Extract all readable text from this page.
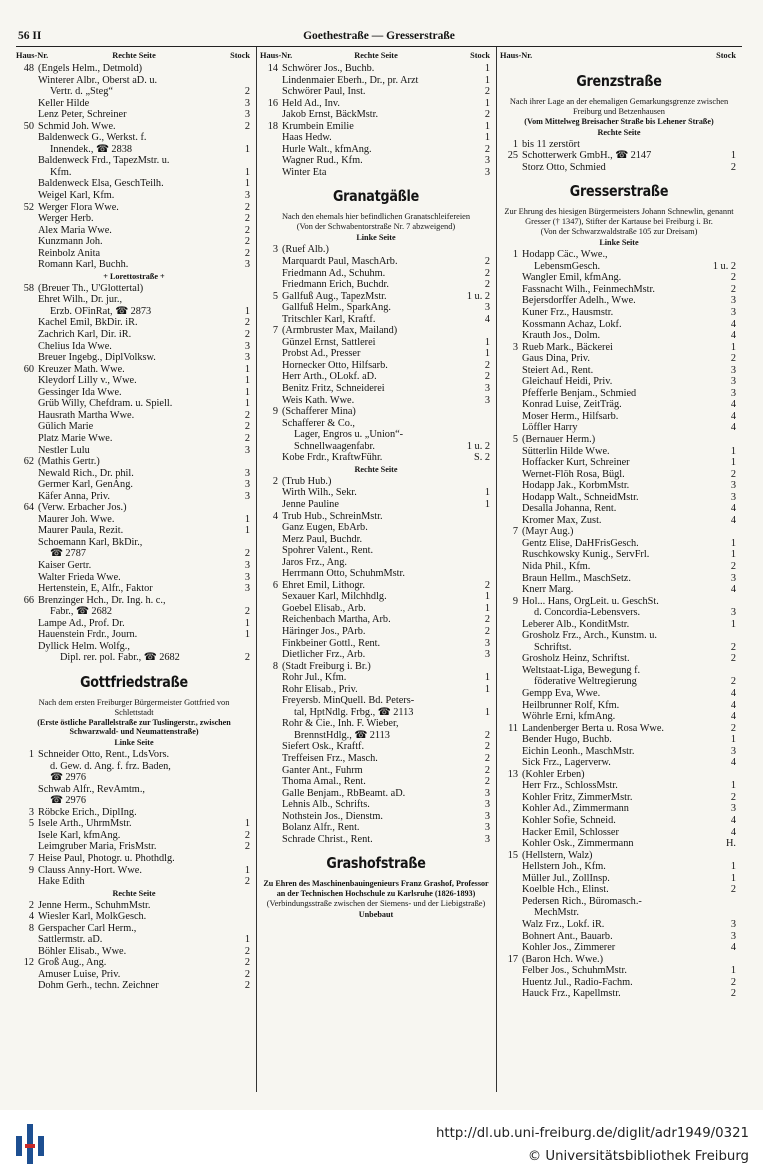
56 II	Goethestraße — Gresserstraße
Haus-Nr.	Rechte Seite	Stock
48 (Engels Helm., Detmold)
Winterer Albr., Oberst aD. u.
Vertr. d. „Steg“	2
Keller Hilde	3
Lenz Peter, Schreiner	3
50 Schmid Joh. Wwe.	2
Baldenweck G., Werkst. f.
Innendek., ☎ 2838	1
Baldenweck Frd., TapezMstr. u.
Kfm.	1
Baldenweck Elsa, GeschTeilh.	1
Weigel Karl, Kfm.	3
52 Werger Flora Wwe.	2
Werger Herb.	2
Alex Maria Wwe.	2
Kunzmann Joh.	2
Reinbolz Anita	2
Romann Karl, Buchh.	3
+ Lorettostraße +
58 (Breuer Th., U'Glottertal)
Ehret Wilh., Dr. jur.,
Erzb. OFinRat, ☎ 2873	1
Kachel Emil, BkDir. iR.	2
Zachrich Karl, Dir. iR.	2
Chelius Ida Wwe.	3
Breuer Ingebg., DiplVolksw.	3
60 Kreuzer Math. Wwe.	1
Kleydorf Lilly v., Wwe.	1
Gessinger Ida Wwe.	1
Grüb Willy, Chefdram. u. Spiell.	1
Hausrath Martha Wwe.	2
Gülich Marie	2
Platz Marie Wwe.	2
Nestler Lulu	3
62 (Mathis Gertr.)
Newald Rich., Dr. phil.	3
Germer Karl, GenAng.	3
Käfer Anna, Priv.	3
64 (Verw. Erbacher Jos.)
Maurer Joh. Wwe.	1
Maurer Paula, Rezit.	1
Schoemann Karl, BkDir.,
☎ 2787	2
Kaiser Gertr.	3
Walter Frieda Wwe.	3
Hertenstein, E, Alfr., Faktor	3
66 Brenzinger Hch., Dr. Ing. h. c.,
Fabr., ☎ 2682	2
Lampe Ad., Prof. Dr.	1
Hauenstein Frdr., Journ.	1
Dyllick Helm. Wolfg.,
Dipl. rer. pol. Fabr., ☎ 2682	2
Gottfriedstraße
Nach dem ersten Freiburger Bürgermeister Gottfried von Schlettstadt
(Erste östliche Parallelstraße zur Tuslingerstr., zwischen Schwarzwald- und Neumattenstraße)
Linke Seite
1 Schneider Otto, Rent., LdsVors.
d. Gew. d. Ang. f. frz. Baden,
☎ 2976
Schwab Alfr., RevAmtm.,
☎ 2976
3 Röbcke Erich., DiplIng.
5 Isele Arth., UhrmMstr.	1
Isele Karl, kfmAng.	2
Leimgruber Maria, FrisMstr.	2
7 Heise Paul, Photogr. u. Phothdlg.
9 Clauss Anny-Hort. Wwe.	1
Hake Edith	2
Rechte Seite
2 Jenne Herm., SchuhmMstr.
4 Wiesler Karl, MolkGesch.
8 Gerspacher Carl Herm.,
Sattlermstr. aD.	1
Böhler Elisab., Wwe.	2
12 Groß Aug., Ang.	2
Amuser Luise, Priv.	2
Dohm Gerh., techn. Zeichner	2
Haus-Nr.	Rechte Seite	Stock
14 Schwörer Jos., Buchb.	1
Lindenmaier Eberh., Dr., pr. Arzt	1
Schwörer Paul, Inst.	2
16 Held Ad., Inv.	1
Jakob Ernst, BäckMstr.	2
18 Krumbein Emilie	1
Haas Hedw.	1
Hurle Walt., kfmAng.	2
Wagner Rud., Kfm.	3
Winter Eta	3
Granatgäßle
Nach den ehemals hier befindlichen Granatschleifereien
(Von der Schwabentorstraße Nr. 7 abzweigend)
Linke Seite
3 (Ruef Alb.)
Marquardt Paul, MaschArb.	2
Friedmann Ad., Schuhm.	2
Friedmann Erich, Buchdr.	2
5 Gallfuß Aug., TapezMstr.	1 u. 2
Gallfuß Helm., SparkAng.	3
Tritschler Karl, Kraftf.	4
7 (Armbruster Max, Mailand)
Günzel Ernst, Sattlerei	1
Probst Ad., Presser	1
Hornecker Otto, Hilfsarb.	2
Herr Arth., OLokf. aD.	2
Benitz Fritz, Schneiderei	3
Weis Kath. Wwe.	3
9 (Schafferer Mina)
Schafferer & Co.,
Lager, Engros u. „Union“-
Schnellwaagenfabr.	1 u. 2
Kobe Frdr., KraftwFühr.	S. 2
Rechte Seite
2 (Trub Hub.)
Wirth Wilh., Sekr.	1
Jenne Pauline	1
4 Trub Hub., SchreinMstr.
Ganz Eugen, EbArb.
Merz Paul, Buchdr.
Spohrer Valent., Rent.
Jaros Frz., Ang.
Herrmann Otto, SchuhmMstr.
6 Ehret Emil, Lithogr.	2
Sexauer Karl, Milchhdlg.	1
Goebel Elisab., Arb.	1
Reichenbach Martha, Arb.	2
Häringer Jos., PArb.	2
Finkbeiner Gottl., Rent.	3
Dietlicher Frz., Arb.	3
8 (Stadt Freiburg i. Br.)
Rohr Jul., Kfm.	1
Rohr Elisab., Priv.	1
Freyersb. MinQuell. Bd. Peters-
tal, HptNdlg. Frbg., ☎ 2113	1
Rohr & Cie., Inh. F. Wieber,
BrennstHdlg., ☎ 2113	2
Siefert Osk., Kraftf.	2
Treffeisen Frz., Masch.	2
Ganter Ant., Fuhrm	2
Thoma Amal., Rent.	2
Galle Benjam., RbBeamt. aD.	3
Lehnis Alb., Schrifts.	3
Nothstein Jos., Dienstm.	3
Bolanz Alfr., Rent.	3
Schrade Christ., Rent.	3
Grashofstraße
Zu Ehren des Maschinenbauingenieurs Franz Grashof, Professor an der Technischen Hochschule zu Karlsruhe (1826-1893)
(Verbindungsstraße zwischen der Siemens- und der Liebigstraße)
Unbebaut
Haus-Nr.	Stock
Grenzstraße
Nach ihrer Lage an der ehemaligen Gemarkungsgrenze zwischen Freiburg und Betzenhausen
(Vom Mittelweg Breisacher Straße bis Lehener Straße)
Rechte Seite
1 bis 11 zerstört
25 Schotterwerk GmbH., ☎ 2147	1
Storz Otto, Schmied	2
Gresserstraße
Zur Ehrung des hiesigen Bürgermeisters Johann Schnewlin, genannt Gresser († 1347), Stifter der Kartause bei Freiburg i. Br.
(Von der Schwarzwaldstraße 105 zur Dreisam)
Linke Seite
1 Hodapp Cäc., Wwe.,
LebensmGesch.	1 u. 2
Wangler Emil, kfmAng.	2
Fassnacht Wilh., FeinmechMstr.	2
Bejersdorffer Adelh., Wwe.	3
Kuner Frz., Hausmstr.	3
Kossmann Achaz, Lokf.	4
Krauth Jos., Dolm.	4
3 Rueb Mark., Bäckerei	1
Gaus Dina, Priv.	2
Steiert Ad., Rent.	3
Gleichauf Heidi, Priv.	3
Pfefferle Benjam., Schmied	3
Konrad Luise, ZeitTräg.	4
Moser Herm., Hilfsarb.	4
Löffler Harry	4
5 (Bernauer Herm.)
Sütterlin Hilde Wwe.	1
Hoffacker Kurt, Schreiner	1
Wernet-Flöh Rosa, Bügl.	2
Hodapp Jak., KorbmMstr.	3
Hodapp Walt., SchneidMstr.	3
Desalla Johanna, Rent.	4
Kromer Max, Zust.	4
7 (Mayr Aug.)
Gentz Elise, DaHFrisGesch.	1
Ruschkowsky Kunig., ServFrl.	1
Nida Phil., Kfm.	2
Braun Hellm., MaschSetz.	3
Knerr Marg.	4
9 Hol... Hans, OrgLeit. u. GeschSt.
d. Concordia-Lebensvers.	3
Leberer Alb., KonditMstr.	1
Grosholz Frz., Arch., Kunstm. u.
Schriftst.	2
Grosholz Heinz, Schriftst.	2
Weltstaat-Liga, Bewegung f.
föderative Weltregierung	2
Gempp Eva, Wwe.	4
Heilbrunner Rolf, Kfm.	4
Wöhrle Erni, kfmAng.	4
11 Landenberger Berta u. Rosa Wwe.	2
Bender Hugo, Buchb.	1
Eichin Leonh., MaschMstr.	3
Sick Frz., Lagerverw.	4
13 (Kohler Erben)
Herr Frz., SchlossMstr.	1
Kohler Fritz, ZimmerMstr.	2
Kohler Ad., Zimmermann	3
Kohler Sofie, Schneid.	4
Hacker Emil, Schlosser	4
Kohler Osk., Zimmermann	H.
15 (Hellstern, Walz)
Hellstern Joh., Kfm.	1
Müller Jul., ZollInsp.	1
Koelble Hch., Elinst.	2
Pedersen Rich., Büromasch.-
MechMstr.
Walz Frz., Lokf. iR.	3
Bohnert Ant., Bauarb.	3
Kohler Jos., Zimmerer	4
17 (Baron Hch. Wwe.)
Felber Jos., SchuhmMstr.	1
Huentz Jul., Radio-Fachm.	2
Hauck Frz., Kapellmstr.	2
http://dl.ub.uni-freiburg.de/diglit/adr1949/0321
© Universitätsbibliothek Freiburg
